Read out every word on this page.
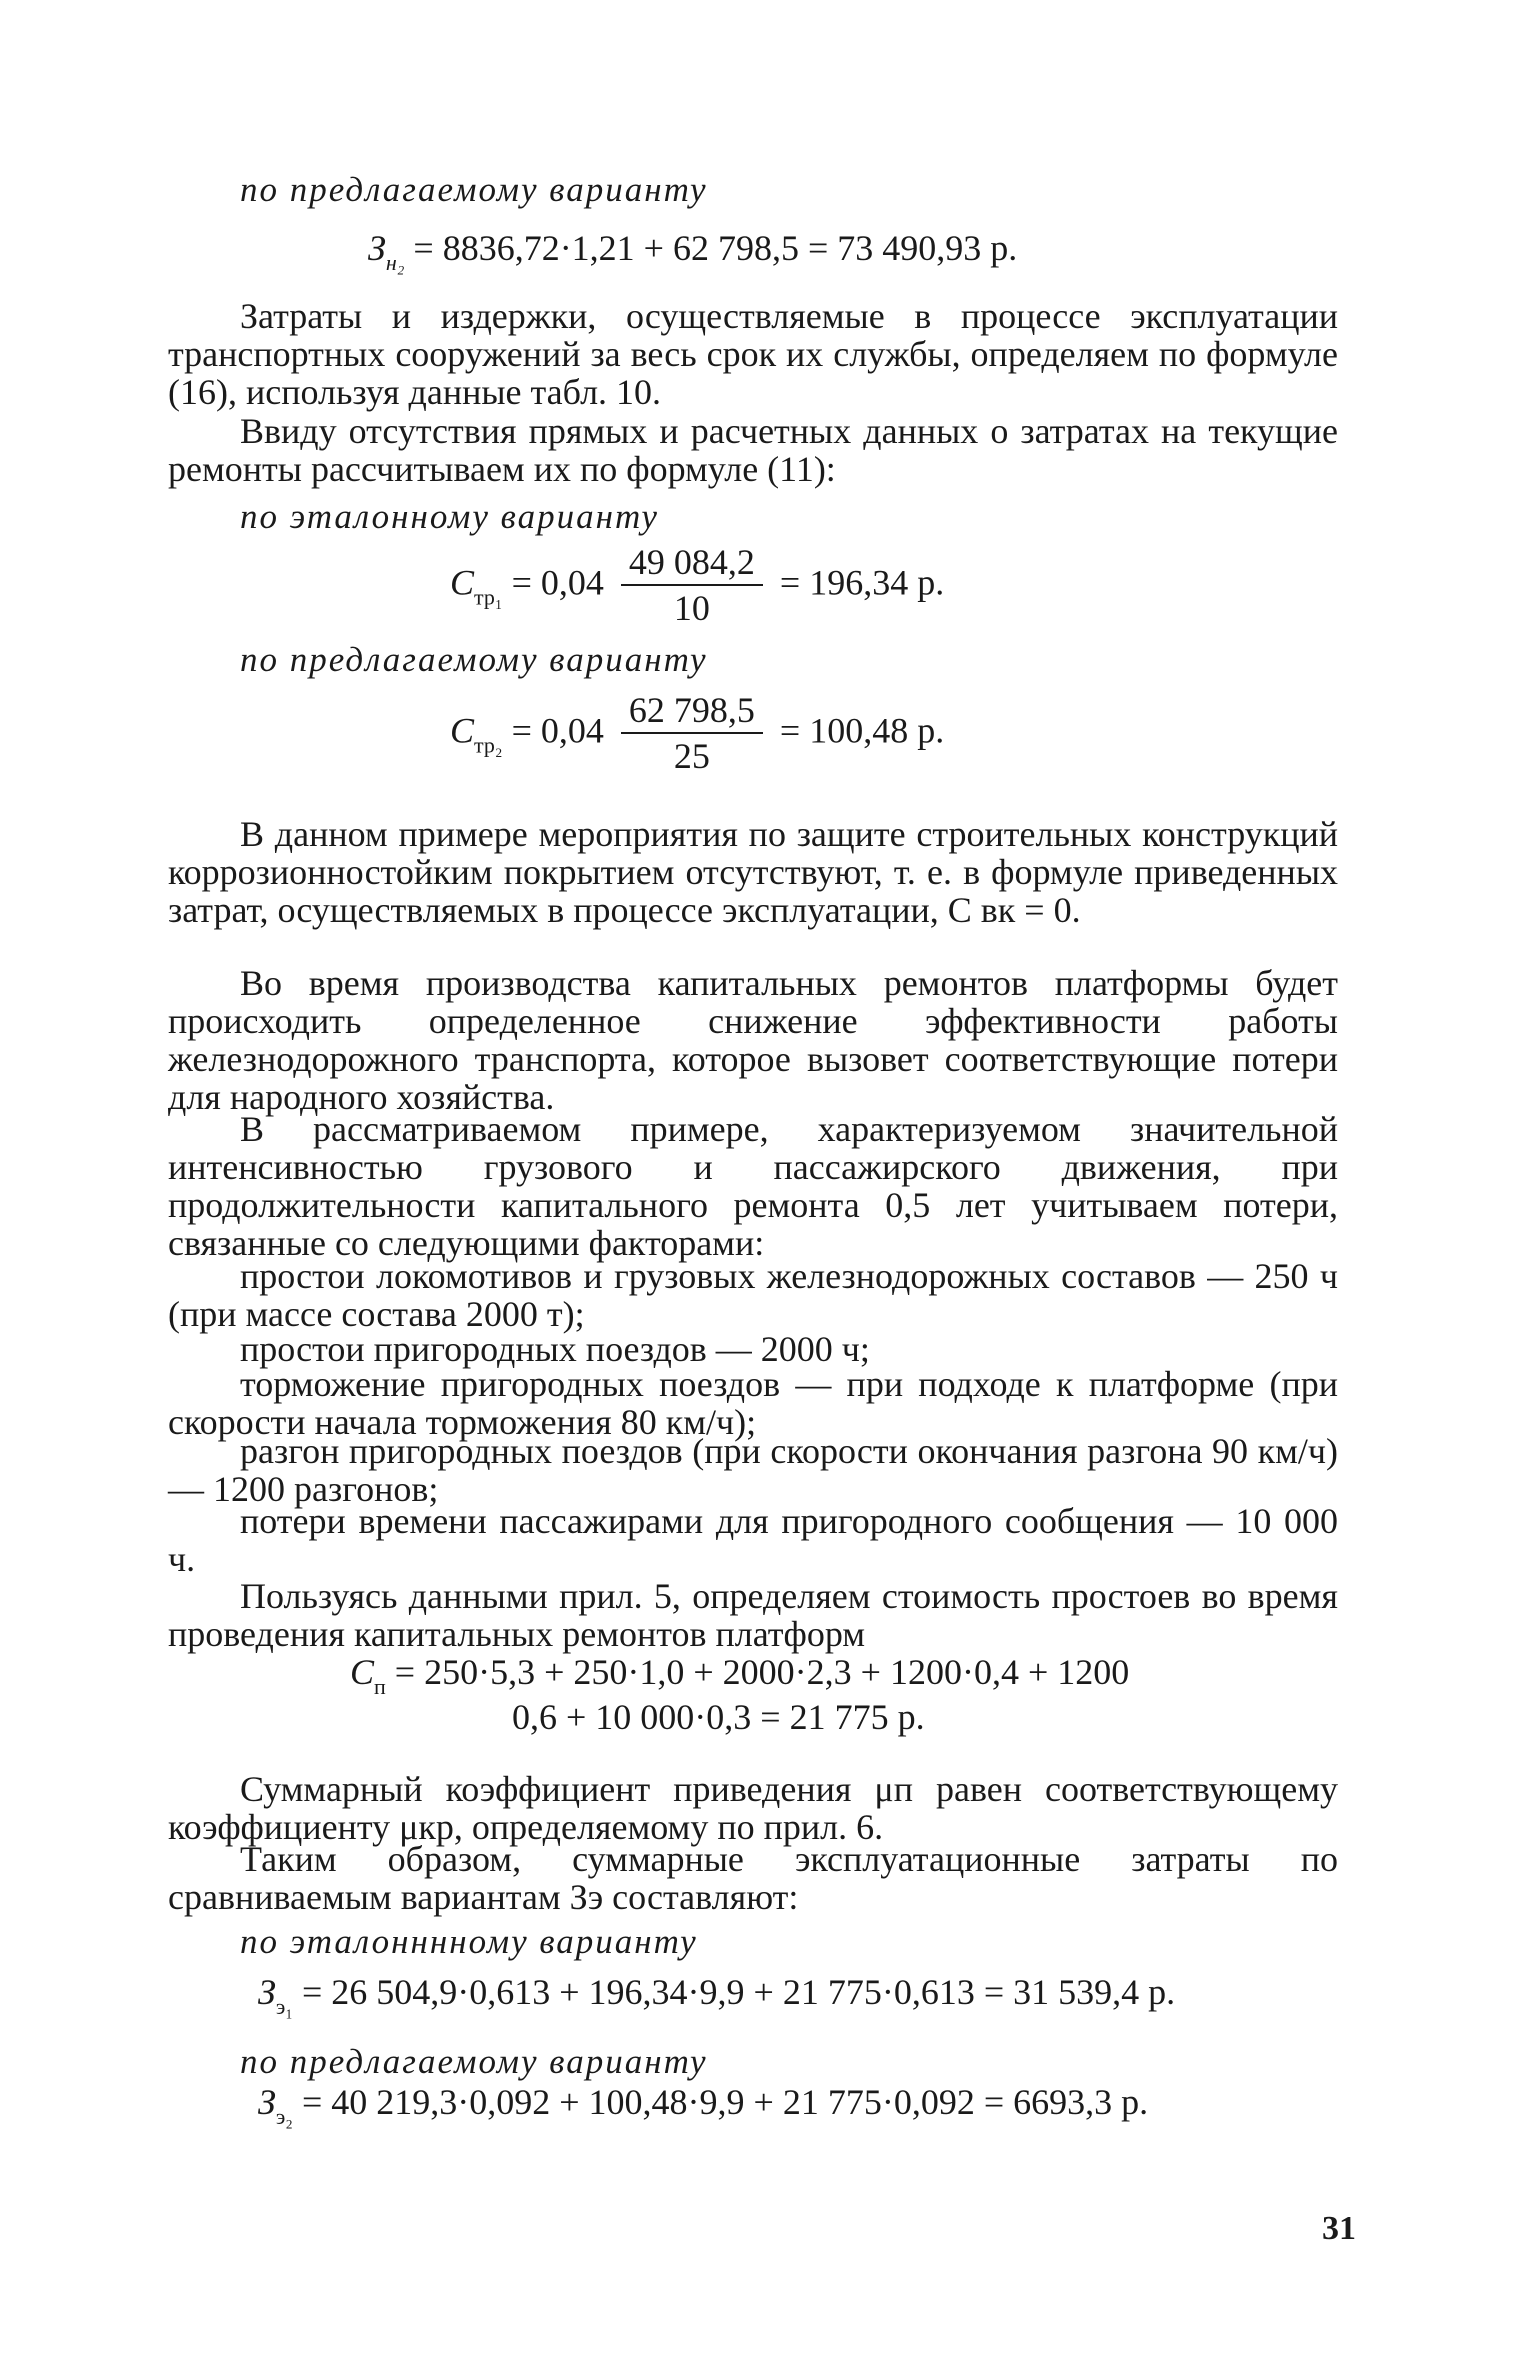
по предлагаемому варианту

$З_{н_2} = 8836,72\cdot 1,21 + 62$ 798,5 = 73 490,93 р.

Затраты и издержки, осуществляемые в процессе эксплуатации транспортных сооружений за весь срок их службы, определяем по формуле (16), используя данные табл. 10.

Ввиду отсутствия прямых и расчетных данных о затратах на текущие ремонты рассчитываем их по формуле (11):

по эталонному варианту

$C_{тр_1} = 0,04 \frac{49 084,2}{10} = 196,34$ р.

по предлагаемому варианту

$C_{тр_2} = 0,04 \frac{62 798,5}{25} = 100,48$ р.

В данном примере мероприятия по защите строительных конструкций коррозионностойким покрытием отсутствуют, т. е. в формуле приведенных затрат, осуществляемых в процессе эксплуатации, С вк = 0.

Во время производства капитальных ремонтов платформы будет происходить определенное снижение эффективности работы железнодорожного транспорта, которое вызовет соответствующие потери для народного хозяйства.

В рассматриваемом примере, характеризуемом значительной интенсивностью грузового и пассажирского движения, при продолжительности капитального ремонта 0,5 лет учитываем потери, связанные со следующими факторами:

простои локомотивов и грузовых железнодорожных составов — 250 ч (при массе состава 2000 т);

простои пригородных поездов — 2000 ч;

торможение пригородных поездов — при подходе к платформе (при скорости начала торможения 80 км/ч);

разгон пригородных поездов (при скорости окончания разгона 90 км/ч) — 1200 разгонов;

потери времени пассажирами для пригородного сообщения — 10 000 ч.

Пользуясь данными прил. 5, определяем стоимость простоев во время проведения капитальных ремонтов платформ

$C_п = 250\cdot 5,3 + 250\cdot 1,0 + 2000\cdot 2,3 + 1200\cdot 0,4 + 1200$

0,6 + 10 000·0,3 = 21 775 р.

Суммарный коэффициент приведения μп равен соответствующему коэффициенту μкр, определяемому по прил. 6.

Таким образом, суммарные эксплуатационные затраты по сравниваемым вариантам Зэ составляют:

по эталонннному варианту

$З_{э_1} = 26$ 504,9·0,613 + 196,34·9,9 + 21 775·0,613 = 31 539,4 р.

по предлагаемому варианту

$З_{э_2} = 40$ 219,3·0,092 + 100,48·9,9 + 21 775·0,092 = 6693,3 р.

31
